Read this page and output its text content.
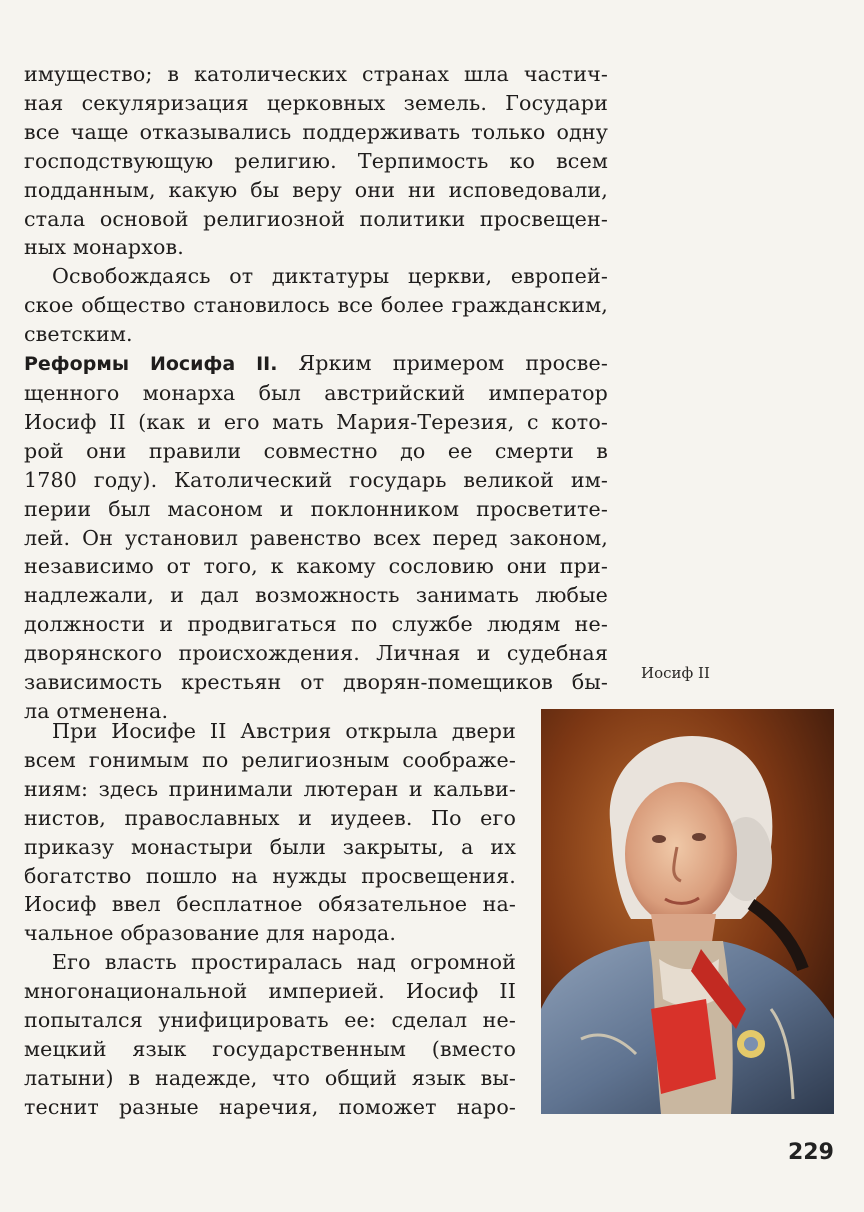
имущество; в католических странах шла частич-
ная секуляризация церковных земель. Государи
все чаще отказывались поддерживать только одну
господствующую религию. Терпимость ко всем
подданным, какую бы веру они ни исповедовали,
стала основой религиозной политики просвещен-
ных монархов.
Освобождаясь от диктатуры церкви, европей-
ское общество становилось все более гражданским,
светским.
Реформы Иосифа II. Ярким примером просве-
щенного монарха был австрийский император
Иосиф II (как и его мать Мария-Терезия, с кото-
рой они правили совместно до ее смерти в
1780 году). Католический государь великой им-
перии был масоном и поклонником просветите-
лей. Он установил равенство всех перед законом,
независимо от того, к какому сословию они при-
надлежали, и дал возможность занимать любые
должности и продвигаться по службе людям не-
дворянского происхождения. Личная и судебная
зависимость крестьян от дворян-помещиков бы-
ла отменена.
При Иосифе II Австрия открыла двери
всем гонимым по религиозным соображе-
ниям: здесь принимали лютеран и кальви-
нистов, православных и иудеев. По его
приказу монастыри были закрыты, а их
богатство пошло на нужды просвещения.
Иосиф ввел бесплатное обязательное на-
чальное образование для народа.
Его власть простиралась над огромной
многонациональной империей. Иосиф II
попытался унифицировать ее: сделал не-
мецкий язык государственным (вместо
латыни) в надежде, что общий язык вы-
теснит разные наречия, поможет наро-
Иосиф II
229
